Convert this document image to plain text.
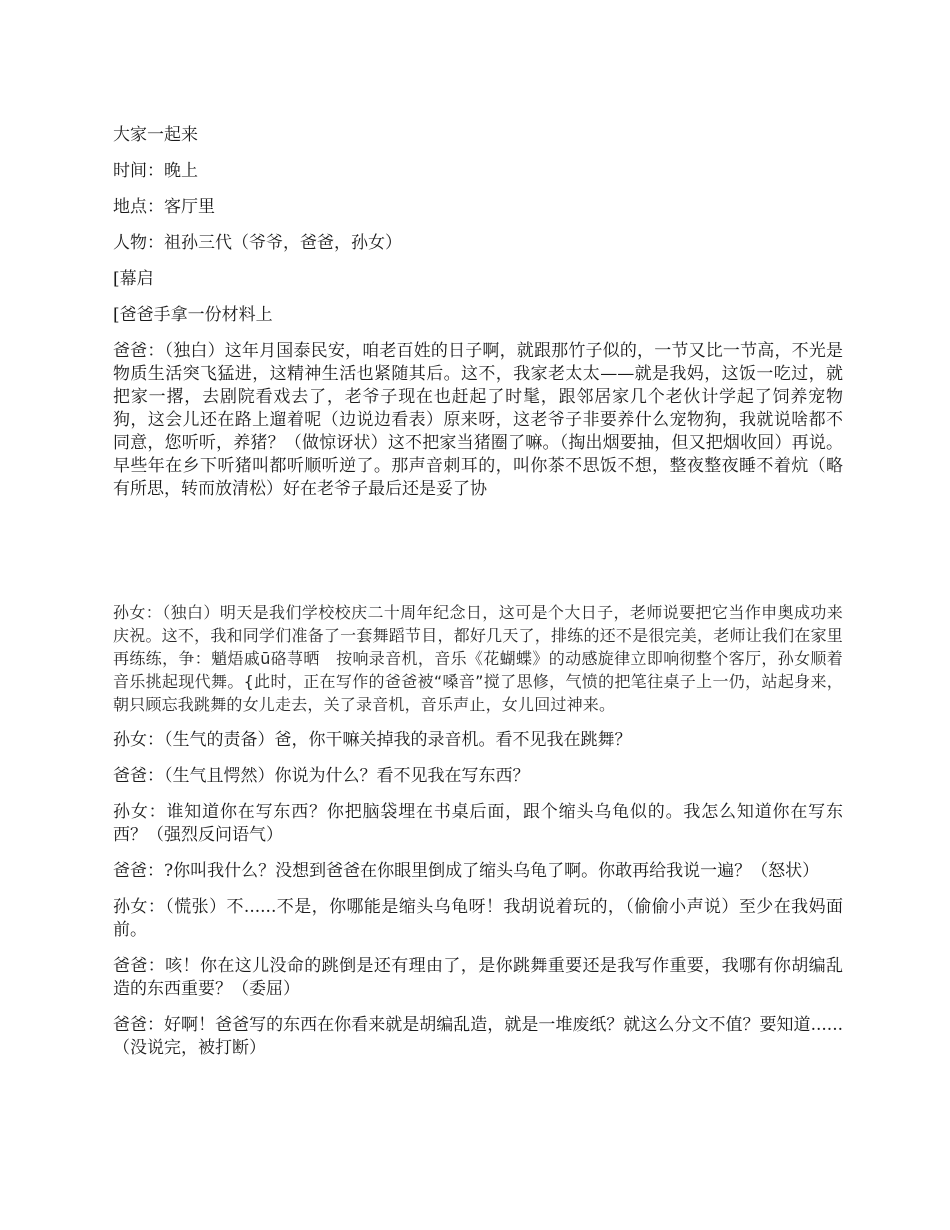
大家一起来

时间：晚上

地点：客厅里

人物：祖孙三代（爷爷，爸爸，孙女）

[幕启

[爸爸手拿一份材料上

爸爸：（独白）这年月国泰民安，咱老百姓的日子啊，就跟那竹子似的，一节又比一节高，不光是物质生活突飞猛进，这精神生活也紧随其后。这不，我家老太太——就是我妈，这饭一吃过，就把家一撂，去剧院看戏去了，老爷子现在也赶起了时髦，跟邻居家几个老伙计学起了饲养宠物狗，这会儿还在路上遛着呢（边说边看表）原来呀，这老爷子非要养什么宠物狗，我就说啥都不同意，您听听，养猪？（做惊讶状）这不把家当猪圈了嘛。（掏出烟要抽，但又把烟收回）再说。早些年在乡下听猪叫都听顺听逆了。那声音刺耳的，叫你茶不思饭不想，整夜整夜睡不着炕（略有所思，转而放清松）好在老爷子最后还是妥了协

孙女：（独白）明天是我们学校校庆二十周年纪念日，这可是个大日子，老师说要把它当作申奥成功来庆祝。这不，我和同学们准备了一套舞蹈节目，都好几天了，排练的还不是很完美，老师让我们在家里再练练，争：魈焐戚ū硌荨晒   按响录音机，音乐《花蝴蝶》的动感旋律立即响彻整个客厅，孙女顺着音乐挑起现代舞。{此时，正在写作的爸爸被“嗓音”搅了思修，气愤的把笔往桌子上一仍，站起身来，朝只顾忘我跳舞的女儿走去，关了录音机，音乐声止，女儿回过神来。

孙女：（生气的责备）爸，你干嘛关掉我的录音机。看不见我在跳舞？

爸爸：（生气且愕然）你说为什么？看不见我在写东西？

孙女：谁知道你在写东西？你把脑袋埋在书桌后面，跟个缩头乌龟似的。我怎么知道你在写东西？（强烈反问语气）

爸爸：?你叫我什么？没想到爸爸在你眼里倒成了缩头乌龟了啊。你敢再给我说一遍？（怒状）

孙女：（慌张）不......不是，你哪能是缩头乌龟呀！我胡说着玩的，（偷偷小声说）至少在我妈面前。

爸爸：咳！你在这儿没命的跳倒是还有理由了，是你跳舞重要还是我写作重要，我哪有你胡编乱造的东西重要？（委屈）

爸爸：好啊！爸爸写的东西在你看来就是胡编乱造，就是一堆废纸？就这么分文不值？要知道......（没说完，被打断）
